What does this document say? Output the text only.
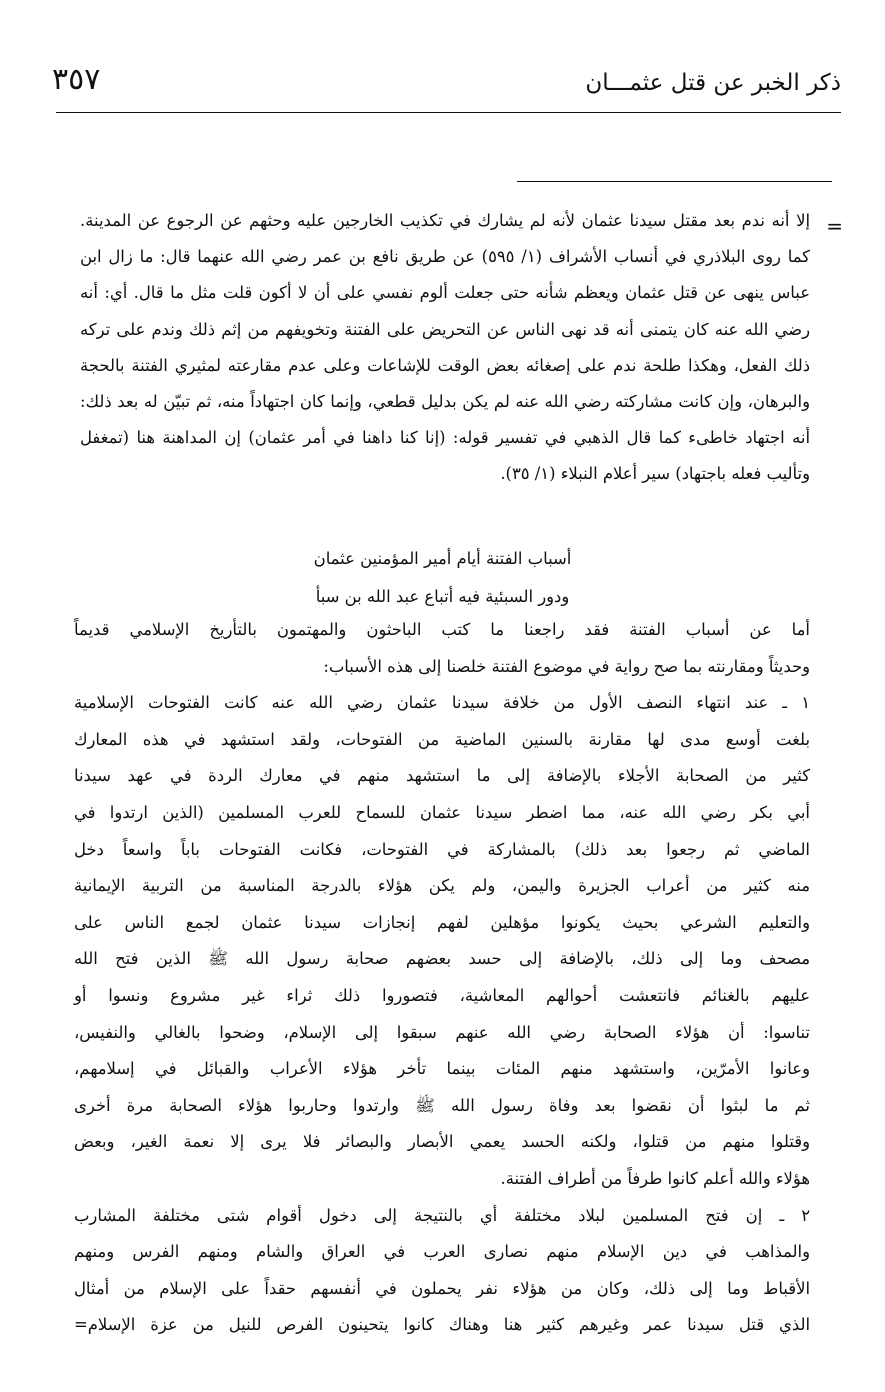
٣٥٧	ذكر الخبر عن قتل عثمـــان
=

إلا أنه ندم بعد مقتل سيدنا عثمان لأنه لم يشارك في تكذيب الخارجين عليه وحثهم عن الرجوع عن المدينة. كما روى البلاذري في أنساب الأشراف (١/ ٥٩٥) عن طريق نافع بن عمر رضي الله عنهما قال: ما زال ابن عباس ينهى عن قتل عثمان ويعظم شأنه حتى جعلت ألوم نفسي على أن لا أكون قلت مثل ما قال. أي: أنه رضي الله عنه كان يتمنى أنه قد نهى الناس عن التحريض على الفتنة وتخويفهم من إثم ذلك وندم على تركه ذلك الفعل، وهكذا طلحة ندم على إصغائه بعض الوقت للإشاعات وعلى عدم مقارعته لمثيري الفتنة بالحجة والبرهان، وإن كانت مشاركته رضي الله عنه لم يكن بدليل قطعي، وإنما كان اجتهاداً منه، ثم تبيّن له بعد ذلك: أنه اجتهاد خاطىء كما قال الذهبي في تفسير قوله: (إنا كنا داهنا في أمر عثمان) إن المداهنة هنا (تمغفل وتأليب فعله باجتهاد) سير أعلام النبلاء (١/ ٣٥).

أسباب الفتنة أيام أمير المؤمنين عثمان
ودور السبئية فيه أتباع عبد الله بن سبأ
أما عن أسباب الفتنة فقد راجعنا ما كتب الباحثون والمهتمون بالتأريخ الإسلامي قديماً
وحديثاً ومقارنته بما صح رواية في موضوع الفتنة خلصنا إلى هذه الأسباب:
١ ـ عند انتهاء النصف الأول من خلافة سيدنا عثمان رضي الله عنه كانت الفتوحات الإسلامية
بلغت أوسع مدى لها مقارنة بالسنين الماضية من الفتوحات، ولقد استشهد في هذه المعارك
كثير من الصحابة الأجلاء بالإضافة إلى ما استشهد منهم في معارك الردة في عهد سيدنا
أبي بكر رضي الله عنه، مما اضطر سيدنا عثمان للسماح للعرب المسلمين (الذين ارتدوا في
الماضي ثم رجعوا بعد ذلك) بالمشاركة في الفتوحات، فكانت الفتوحات باباً واسعاً دخل
منه كثير من أعراب الجزيرة واليمن، ولم يكن هؤلاء بالدرجة المناسبة من التربية الإيمانية
والتعليم الشرعي بحيث يكونوا مؤهلين لفهم إنجازات سيدنا عثمان لجمع الناس على
مصحف وما إلى ذلك، بالإضافة إلى حسد بعضهم صحابة رسول الله ﷺ الذين فتح الله
عليهم بالغنائم فانتعشت أحوالهم المعاشية، فتصوروا ذلك ثراء غير مشروع ونسوا أو
تناسوا: أن هؤلاء الصحابة رضي الله عنهم سبقوا إلى الإسلام، وضحوا بالغالي والنفيس،
وعانوا الأمرّين، واستشهد منهم المئات بينما تأخر هؤلاء الأعراب والقبائل في إسلامهم،
ثم ما لبثوا أن نقضوا بعد وفاة رسول الله ﷺ وارتدوا وحاربوا هؤلاء الصحابة مرة أخرى
وقتلوا منهم من قتلوا، ولكنه الحسد يعمي الأبصار والبصائر فلا يرى إلا نعمة الغير، وبعض
هؤلاء والله أعلم كانوا طرفاً من أطراف الفتنة.
٢ ـ إن فتح المسلمين لبلاد مختلفة أي بالنتيجة إلى دخول أقوام شتى مختلفة المشارب
والمذاهب في دين الإسلام منهم نصارى العرب في العراق والشام ومنهم الفرس ومنهم
الأقباط وما إلى ذلك، وكان من هؤلاء نفر يحملون في أنفسهم حقداً على الإسلام من أمثال
الذي قتل سيدنا عمر وغيرهم كثير هنا وهناك كانوا يتحينون الفرص للنيل من عزة الإسلام=
